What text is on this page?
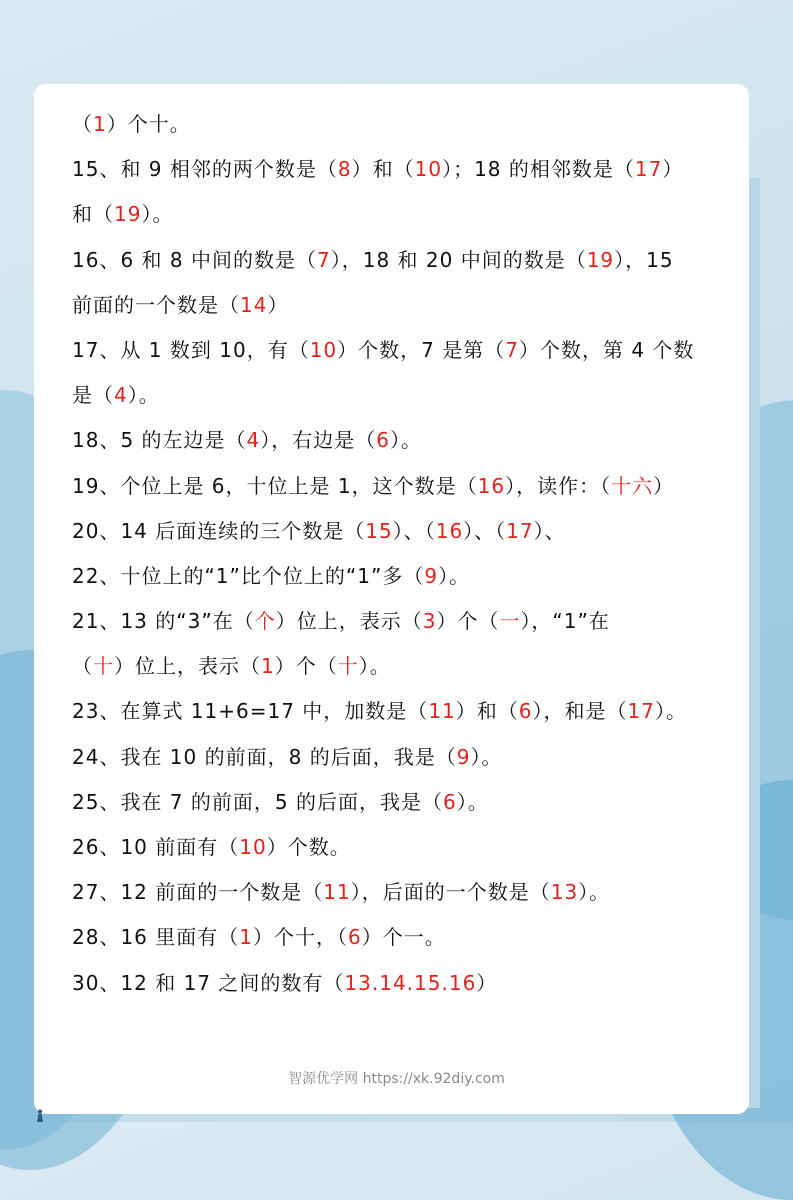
（1）个十。
15、和 9 相邻的两个数是（8）和（10）；18 的相邻数是（17）
和（19）。
16、6 和 8 中间的数是（7），18 和 20 中间的数是（19），15
前面的一个数是（14）
17、从 1 数到 10，有（10）个数，7 是第（7）个数，第 4 个数
是（4）。
18、5 的左边是（4），右边是（6）。
19、个位上是 6，十位上是 1，这个数是（16），读作：（十六）
20、14 后面连续的三个数是（15）、（16）、（17）、
22、十位上的“1”比个位上的“1”多（9）。
21、13 的“3”在（个）位上，表示（3）个（一），“1”在
（十）位上，表示（1）个（十）。
23、在算式 11+6=17 中，加数是（11）和（6），和是（17）。
24、我在 10 的前面，8 的后面，我是（9）。
25、我在 7 的前面，5 的后面，我是（6）。
26、10 前面有（10）个数。
27、12 前面的一个数是（11），后面的一个数是（13）。
28、16 里面有（1）个十，（6）个一。
30、12 和 17 之间的数有（13.14.15.16）
智源优学网 https://xk.92diy.com
